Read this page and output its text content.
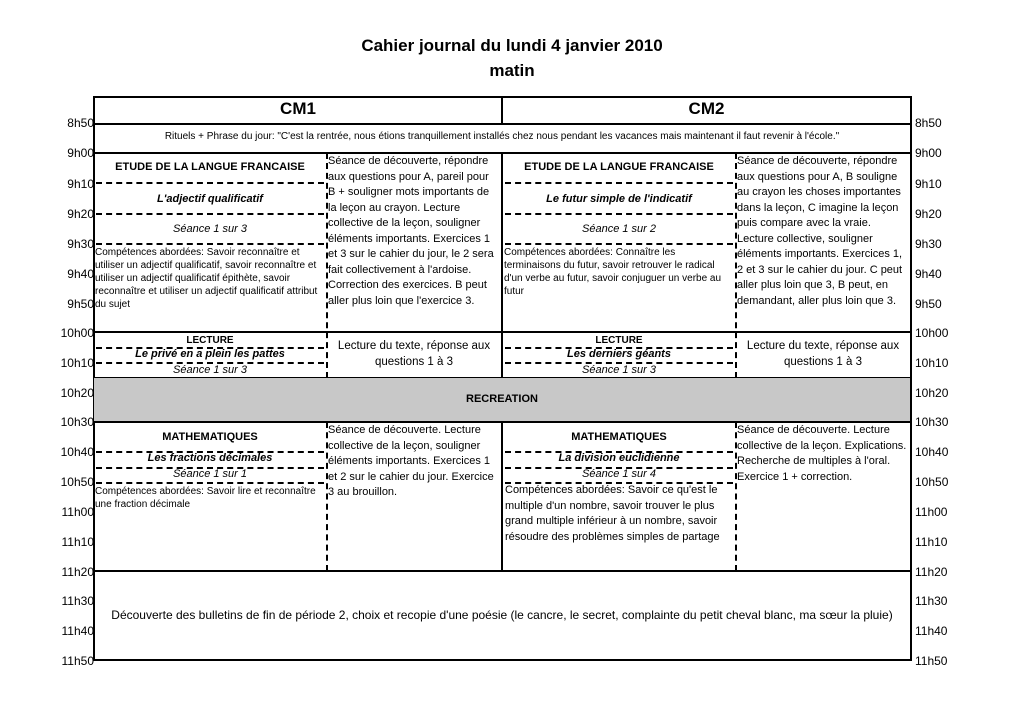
Cahier journal du lundi 4 janvier 2010
matin
8h50
9h00
9h10
9h20
9h30
9h40
9h50
10h00
10h10
10h20
10h30
10h40
10h50
11h00
11h10
11h20
11h30
11h40
11h50
8h50
9h00
9h10
9h20
9h30
9h40
9h50
10h00
10h10
10h20
10h30
10h40
10h50
11h00
11h10
11h20
11h30
11h40
11h50
CM1	CM2
Rituels + Phrase du jour: "C'est la rentrée, nous étions tranquillement installés chez nous pendant les vacances mais maintenant il faut revenir à l'école."
ETUDE DE LA LANGUE FRANCAISE
L'adjectif qualificatif
Séance 1 sur 3
Compétences abordées: Savoir reconnaître et utiliser un adjectif qualificatif, savoir reconnaître et utiliser un adjectif qualificatif épithète, savoir reconnaître et utiliser un adjectif qualificatif attribut du sujet
Séance de découverte, répondre aux questions pour A, pareil pour B + souligner mots importants de la leçon au crayon. Lecture collective de la leçon, souligner éléments importants. Exercices 1 et 3 sur le cahier du jour, le 2 sera fait collectivement à l'ardoise. Correction des exercices. B peut aller plus loin que l'exercice 3.
ETUDE DE LA LANGUE FRANCAISE
Le futur simple de l'indicatif
Séance 1 sur 2
Compétences abordées: Connaître les terminaisons du futur, savoir retrouver le radical d'un verbe au futur, savoir conjuguer un verbe au futur
Séance de découverte, répondre aux questions pour A, B souligne au crayon les choses importantes dans la leçon, C imagine la leçon puis compare avec la vraie. Lecture collective, souligner éléments importants. Exercices 1, 2 et 3 sur le cahier du jour. C peut aller plus loin que 3, B peut, en demandant, aller plus loin que 3.
LECTURE
Le privé en a plein les pattes
Séance 1 sur 3
Lecture du texte, réponse aux questions 1 à 3
LECTURE
Les derniers géants
Séance 1 sur 3
Lecture du texte, réponse aux questions 1 à 3
RECREATION
MATHEMATIQUES
Les fractions décimales
Séance 1 sur 1
Compétences abordées: Savoir lire et reconnaître une fraction décimale
Séance de découverte. Lecture collective de la leçon, souligner éléments importants. Exercices 1 et 2 sur le cahier du jour. Exercice 3 au brouillon.
MATHEMATIQUES
La division euclidienne
Séance 1 sur 4
Compétences abordées: Savoir ce qu'est le multiple d'un nombre, savoir trouver le plus grand multiple inférieur à un nombre, savoir résoudre des problèmes simples de partage
Séance de découverte. Lecture collective de la leçon. Explications. Recherche de multiples à l'oral. Exercice 1 + correction.
Découverte des bulletins de fin de période 2, choix et recopie d'une poésie (le cancre, le secret, complainte du petit cheval blanc, ma sœur la pluie)
